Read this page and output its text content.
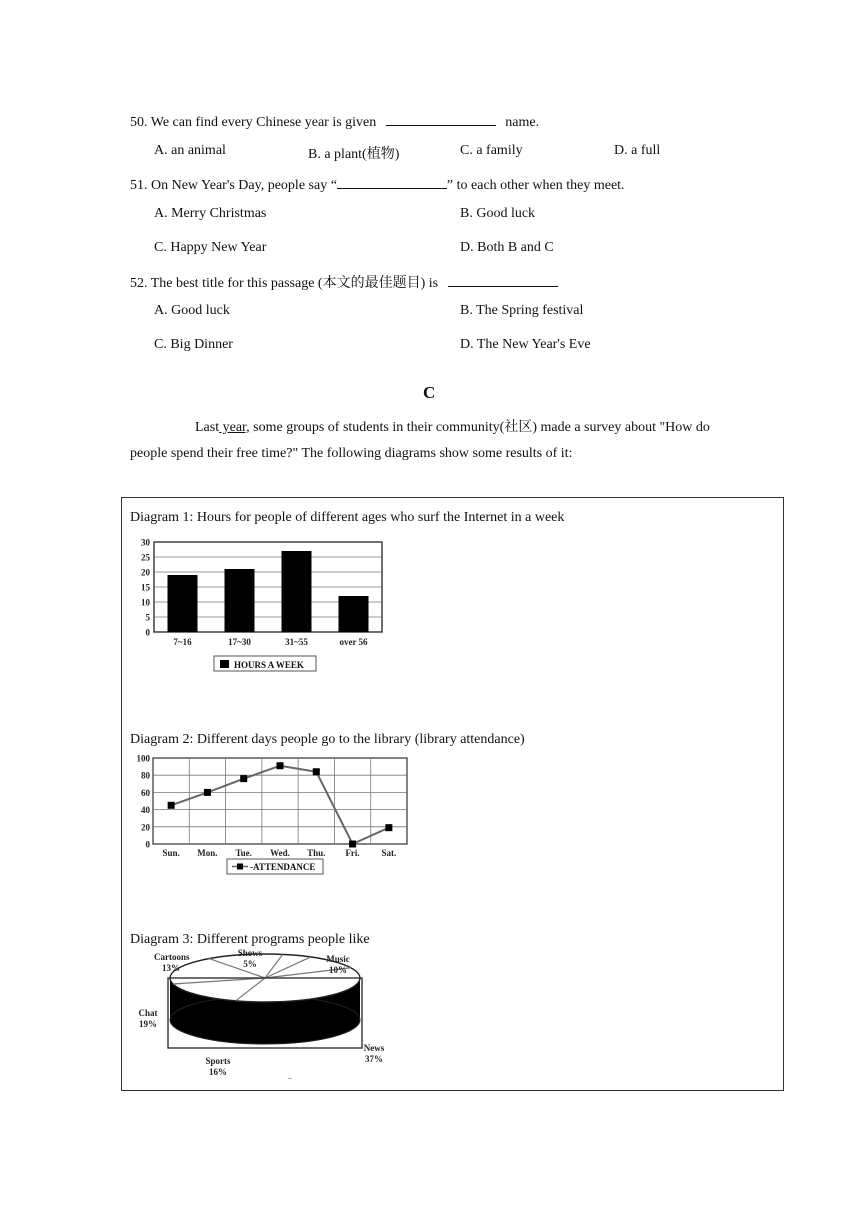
50. We can find every Chinese year is given	name.
A. an animal	B. a plant(植物)	C. a family	D. a full
51. On New Year's Day, people say “	” to each other when they meet.
A. Merry Christmas	B. Good luck
C. Happy New Year	D. Both B and C
52. The best title for this passage (本文的最佳题目) is
A. Good luck	B. The Spring festival
C. Big Dinner	D. The New Year's Eve
C
Last year, some groups of students in their community(社区) made a survey about "How do
people spend their free time?" The following diagrams show some results of it:
Diagram 1: Hours for people of different ages who surf the Internet in a week
0
5
10
15
20
25
30
7~16	17~30	31~55	over 56
HOURS A WEEK
Diagram 2: Different days people go to the library (library attendance)
0
20
40
60
80
100
Sun. Mon. Tue. Wed. Thu. Fri. Sat.
-ATTENDANCE
Diagram 3: Different programs people like
Cartoons
13%
Shows
5%	Music
10%
News
37%
Sports
16%
Chat
19%
–
